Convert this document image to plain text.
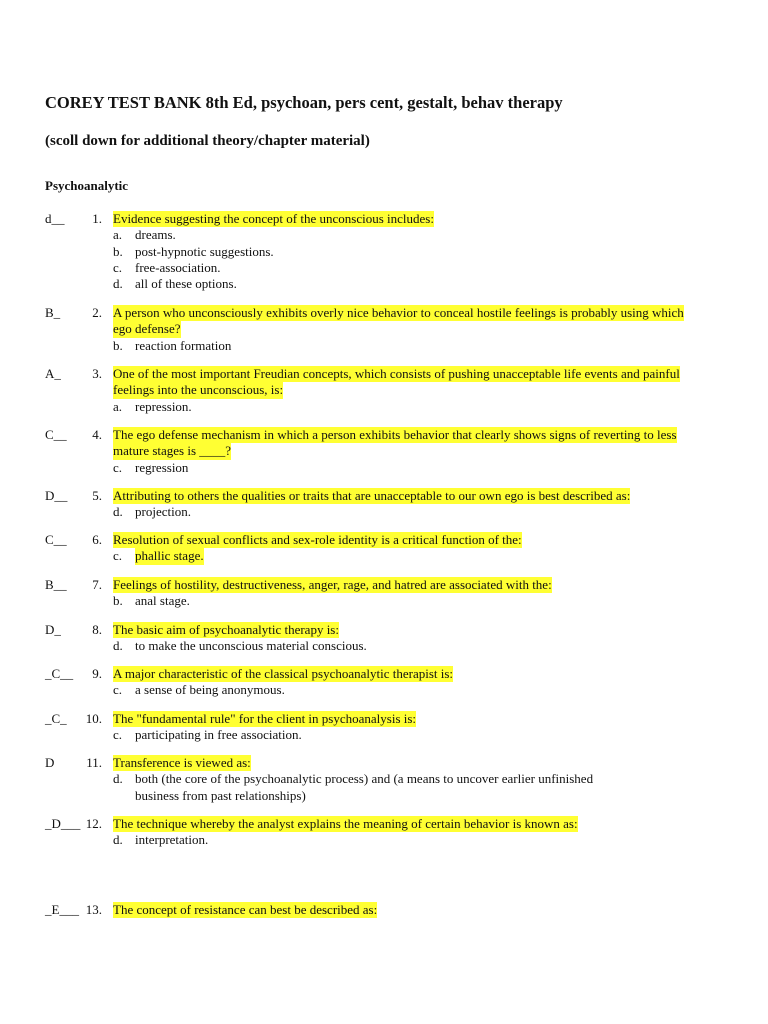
COREY TEST BANK 8th Ed, psychoan, pers cent, gestalt, behav therapy
(scoll down for additional theory/chapter material)
Psychoanalytic
d__ 1. Evidence suggesting the concept of the unconscious includes:
a. dreams.
b. post-hypnotic suggestions.
c. free-association.
d. all of these options.
B_ 2. A person who unconsciously exhibits overly nice behavior to conceal hostile feelings is probably using which
ego defense?
b. reaction formation
A_ 3. One of the most important Freudian concepts, which consists of pushing unacceptable life events and painful
feelings into the unconscious, is:
a. repression.
C__ 4. The ego defense mechanism in which a person exhibits behavior that clearly shows signs of reverting to less
mature stages is ____?
c. regression
D__ 5. Attributing to others the qualities or traits that are unacceptable to our own ego is best described as:
d. projection.
C__ 6. Resolution of sexual conflicts and sex-role identity is a critical function of the:
c. phallic stage.
B__ 7. Feelings of hostility, destructiveness, anger, rage, and hatred are associated with the:
b. anal stage.
D_ 8. The basic aim of psychoanalytic therapy is:
d. to make the unconscious material conscious.
_C__ 9. A major characteristic of the classical psychoanalytic therapist is:
c. a sense of being anonymous.
_C_ 10. The "fundamental rule" for the client in psychoanalysis is:
c. participating in free association.
D 11. Transference is viewed as:
d. both (the core of the psychoanalytic process) and (a means to uncover earlier unfinished
business from past relationships)
_D___ 12. The technique whereby the analyst explains the meaning of certain behavior is known as:
d. interpretation.
_E___ 13. The concept of resistance can best be described as:
